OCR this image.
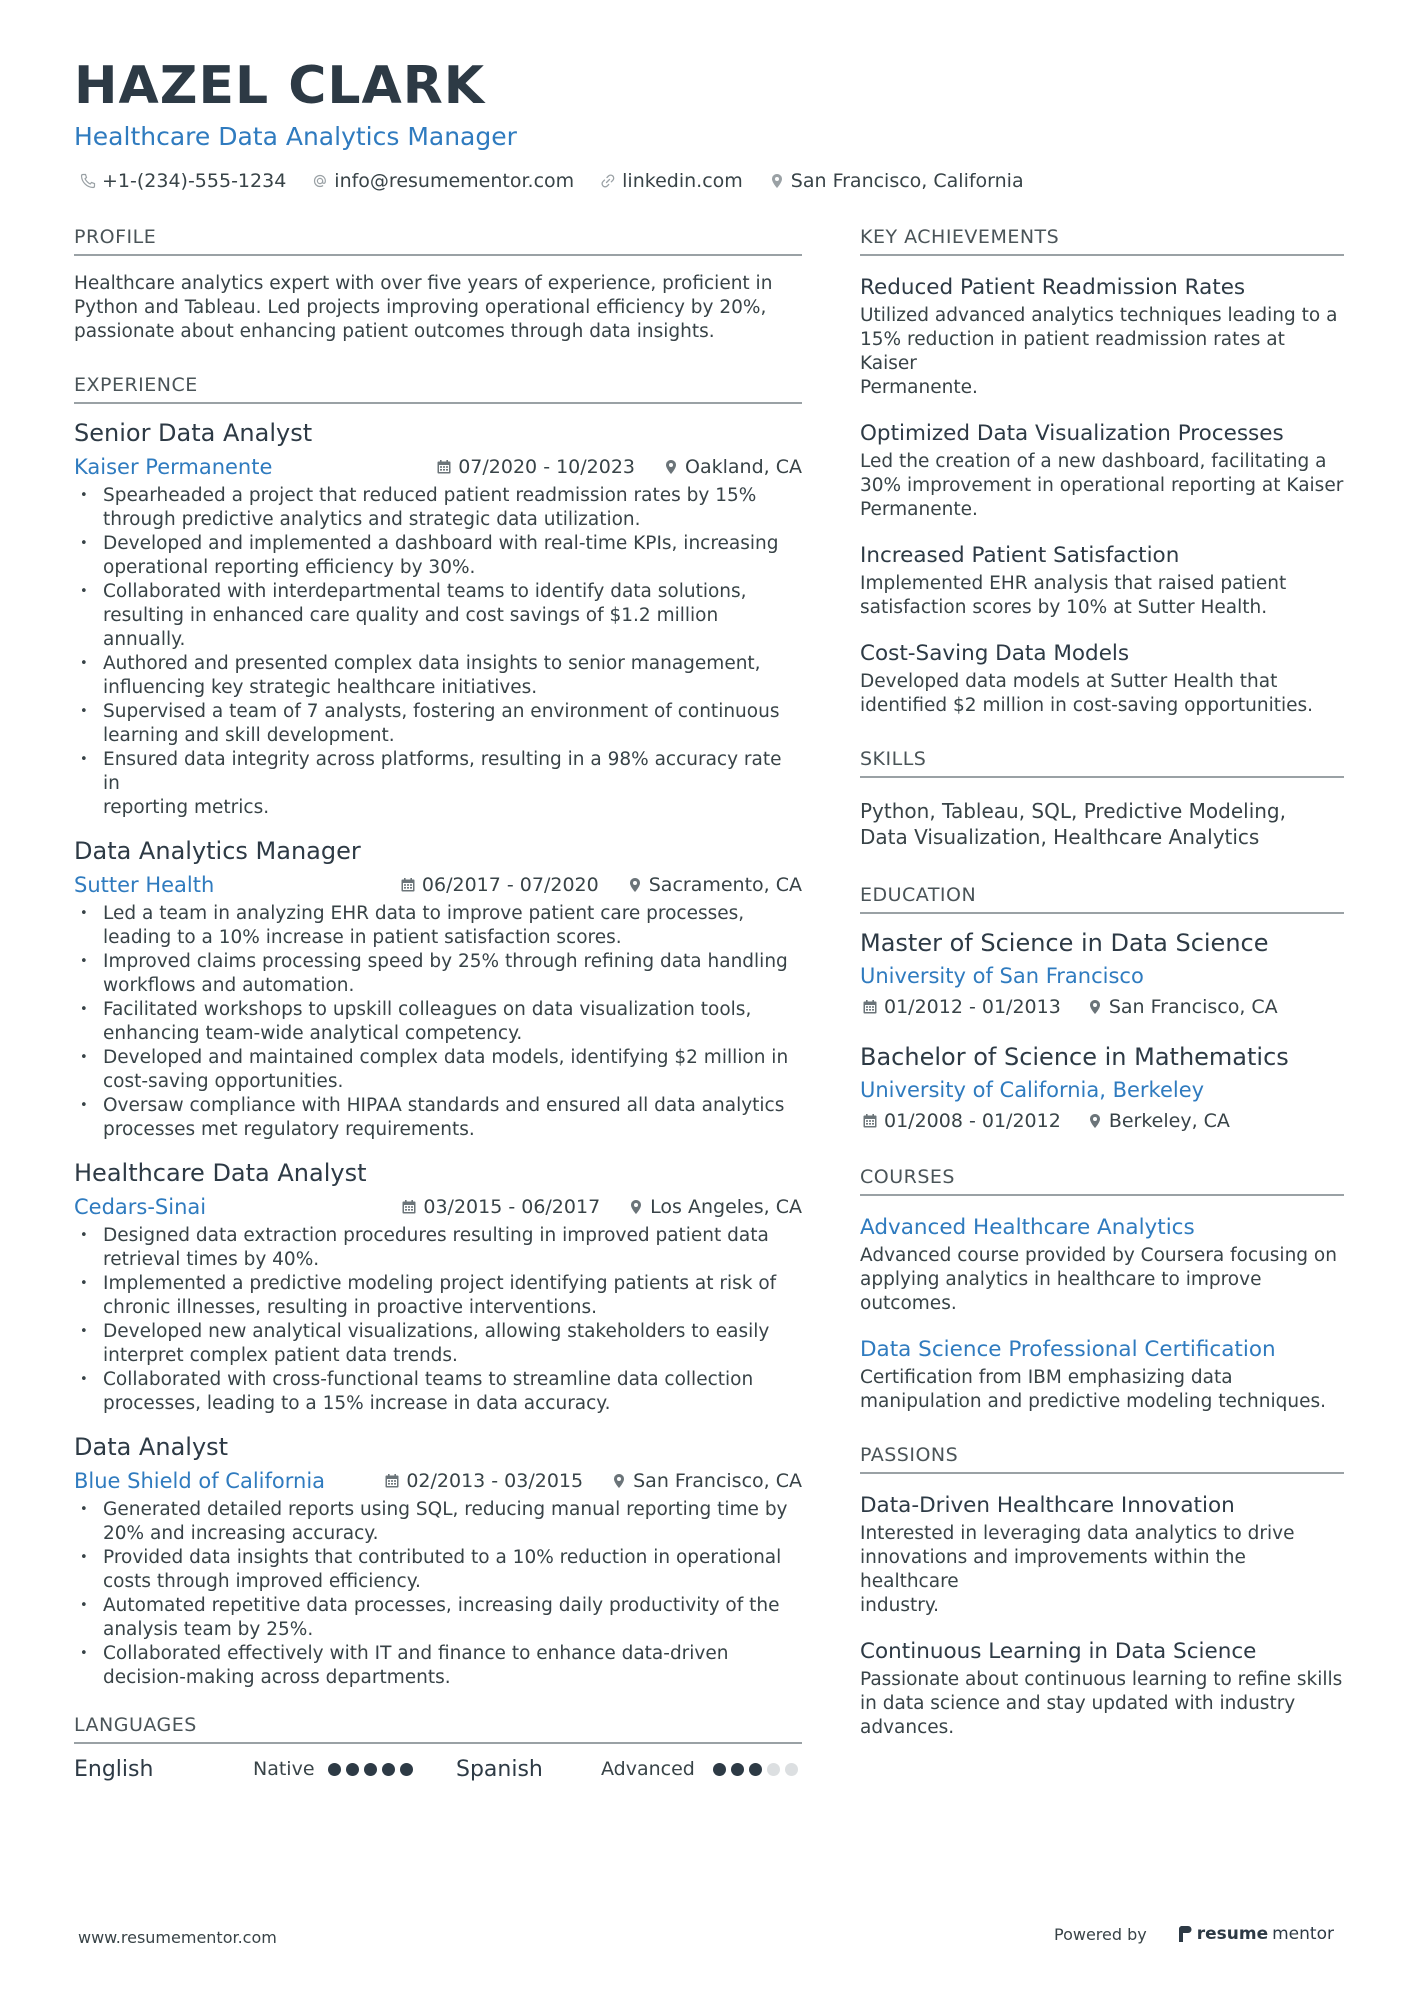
HAZEL CLARK
Healthcare Data Analytics Manager
+1-(234)-555-1234	info@resumementor.com	linkedin.com	San Francisco, California
PROFILE
Healthcare analytics expert with over five years of experience, proficient in
Python and Tableau. Led projects improving operational efficiency by 20%,
passionate about enhancing patient outcomes through data insights.
EXPERIENCE
Senior Data Analyst
Kaiser Permanente	07/2020 - 10/2023	Oakland, CA
• Spearheaded a project that reduced patient readmission rates by 15%
through predictive analytics and strategic data utilization.
• Developed and implemented a dashboard with real-time KPIs, increasing
operational reporting efficiency by 30%.
• Collaborated with interdepartmental teams to identify data solutions,
resulting in enhanced care quality and cost savings of $1.2 million annually.
• Authored and presented complex data insights to senior management,
influencing key strategic healthcare initiatives.
• Supervised a team of 7 analysts, fostering an environment of continuous
learning and skill development.
• Ensured data integrity across platforms, resulting in a 98% accuracy rate in
reporting metrics.
Data Analytics Manager
Sutter Health	06/2017 - 07/2020	Sacramento, CA
• Led a team in analyzing EHR data to improve patient care processes,
leading to a 10% increase in patient satisfaction scores.
• Improved claims processing speed by 25% through refining data handling
workflows and automation.
• Facilitated workshops to upskill colleagues on data visualization tools,
enhancing team-wide analytical competency.
• Developed and maintained complex data models, identifying $2 million in
cost-saving opportunities.
• Oversaw compliance with HIPAA standards and ensured all data analytics
processes met regulatory requirements.
Healthcare Data Analyst
Cedars-Sinai	03/2015 - 06/2017	Los Angeles, CA
• Designed data extraction procedures resulting in improved patient data
retrieval times by 40%.
• Implemented a predictive modeling project identifying patients at risk of
chronic illnesses, resulting in proactive interventions.
• Developed new analytical visualizations, allowing stakeholders to easily
interpret complex patient data trends.
• Collaborated with cross-functional teams to streamline data collection
processes, leading to a 15% increase in data accuracy.
Data Analyst
Blue Shield of California	02/2013 - 03/2015	San Francisco, CA
• Generated detailed reports using SQL, reducing manual reporting time by
20% and increasing accuracy.
• Provided data insights that contributed to a 10% reduction in operational
costs through improved efficiency.
• Automated repetitive data processes, increasing daily productivity of the
analysis team by 25%.
• Collaborated effectively with IT and finance to enhance data-driven
decision-making across departments.
LANGUAGES
English	Native	Spanish	Advanced
KEY ACHIEVEMENTS
Reduced Patient Readmission Rates
Utilized advanced analytics techniques leading to a
15% reduction in patient readmission rates at Kaiser
Permanente.
Optimized Data Visualization Processes
Led the creation of a new dashboard, facilitating a
30% improvement in operational reporting at Kaiser
Permanente.
Increased Patient Satisfaction
Implemented EHR analysis that raised patient
satisfaction scores by 10% at Sutter Health.
Cost-Saving Data Models
Developed data models at Sutter Health that
identified $2 million in cost-saving opportunities.
SKILLS
Python, Tableau, SQL, Predictive Modeling,
Data Visualization, Healthcare Analytics
EDUCATION
Master of Science in Data Science
University of San Francisco
01/2012 - 01/2013	San Francisco, CA
Bachelor of Science in Mathematics
University of California, Berkeley
01/2008 - 01/2012	Berkeley, CA
COURSES
Advanced Healthcare Analytics
Advanced course provided by Coursera focusing on
applying analytics in healthcare to improve
outcomes.
Data Science Professional Certification
Certification from IBM emphasizing data
manipulation and predictive modeling techniques.
PASSIONS
Data-Driven Healthcare Innovation
Interested in leveraging data analytics to drive
innovations and improvements within the healthcare
industry.
Continuous Learning in Data Science
Passionate about continuous learning to refine skills
in data science and stay updated with industry
advances.
www.resumementor.com	Powered by	resume mentor
